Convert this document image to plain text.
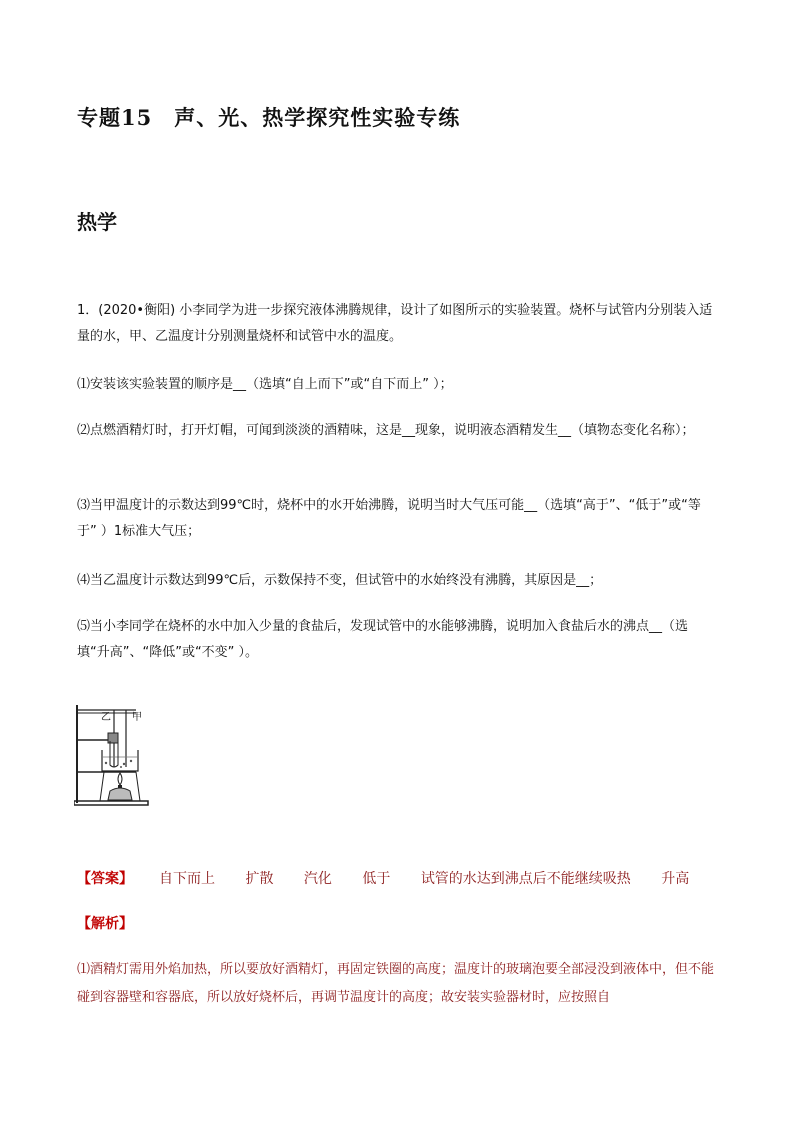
专题15　声、光、热学探究性实验专练
热学
1．(2020•衡阳) 小李同学为进一步探究液体沸腾规律，设计了如图所示的实验装置。烧杯与试管内分别装入适量的水，甲、乙温度计分别测量烧杯和试管中水的温度。
⑴安装该实验装置的顺序是__（选填“自上而下”或“自下而上” ）；
⑵点燃酒精灯时，打开灯帽，可闻到淡淡的酒精味，这是__现象，说明液态酒精发生__（填物态变化名称）；
⑶当甲温度计的示数达到99℃时，烧杯中的水开始沸腾，说明当时大气压可能__（选填“高于”、“低于”或“等于” ）1标准大气压；
⑷当乙温度计示数达到99℃后，示数保持不变，但试管中的水始终没有沸腾，其原因是__；
⑸当小李同学在烧杯的水中加入少量的食盐后，发现试管中的水能够沸腾，说明加入食盐后水的沸点__（选填“升高”、“降低”或“不变” ）。
乙 甲
【答案】 自下而上 扩散 汽化 低于 试管的水达到沸点后不能继续吸热 升高
【解析】
⑴酒精灯需用外焰加热，所以要放好酒精灯，再固定铁圈的高度；温度计的玻璃泡要全部浸没到液体中，但不能碰到容器壁和容器底，所以放好烧杯后，再调节温度计的高度；故安装实验器材时，应按照自
